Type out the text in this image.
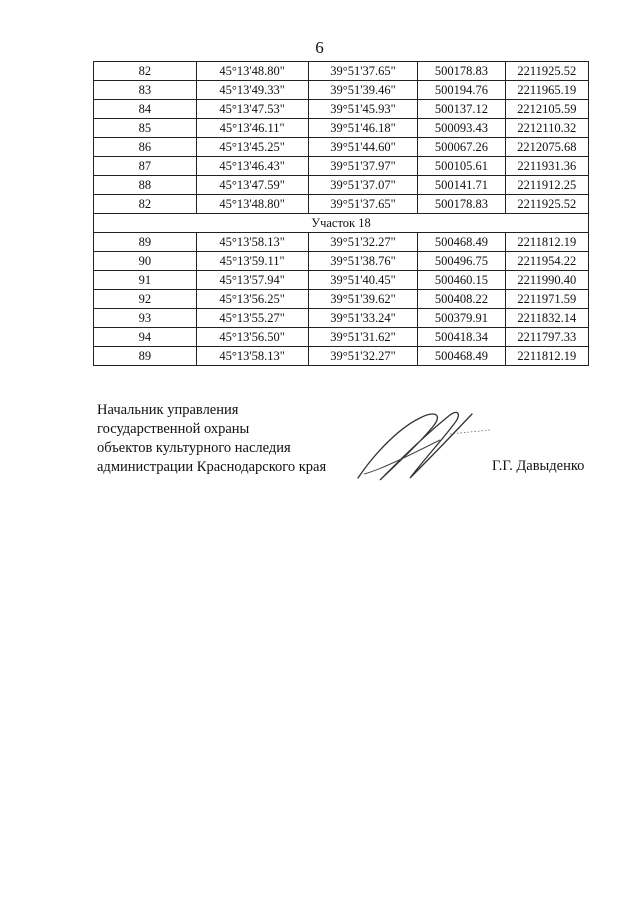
6
82	45°13'48.80"	39°51'37.65"	500178.83	2211925.52
83	45°13'49.33"	39°51'39.46"	500194.76	2211965.19
84	45°13'47.53"	39°51'45.93"	500137.12	2212105.59
85	45°13'46.11"	39°51'46.18"	500093.43	2212110.32
86	45°13'45.25"	39°51'44.60"	500067.26	2212075.68
87	45°13'46.43"	39°51'37.97"	500105.61	2211931.36
88	45°13'47.59"	39°51'37.07"	500141.71	2211912.25
82	45°13'48.80"	39°51'37.65"	500178.83	2211925.52
Участок 18				
89	45°13'58.13"	39°51'32.27"	500468.49	2211812.19
90	45°13'59.11"	39°51'38.76"	500496.75	2211954.22
91	45°13'57.94"	39°51'40.45"	500460.15	2211990.40
92	45°13'56.25"	39°51'39.62"	500408.22	2211971.59
93	45°13'55.27"	39°51'33.24"	500379.91	2211832.14
94	45°13'56.50"	39°51'31.62"	500418.34	2211797.33
89	45°13'58.13"	39°51'32.27"	500468.49	2211812.19
Начальник управления
государственной охраны
объектов культурного наследия
администрации Краснодарского края	Г.Г. Давыденко
